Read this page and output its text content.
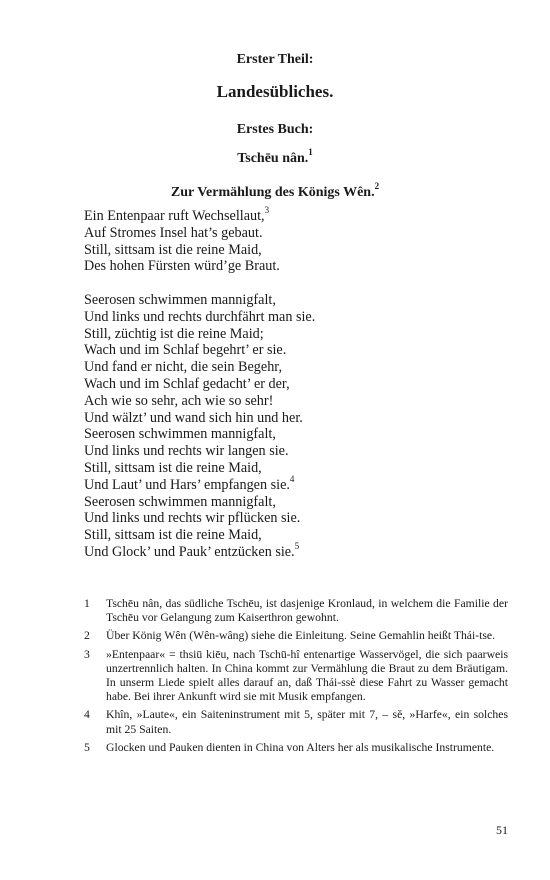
Erster Theil:
Landesübliches.
Erstes Buch:
Tschēu nân.$^1$
Zur Vermählung des Königs Wên.$^2$
Ein Entenpaar ruft Wechsellaut,$^3$
Auf Stromes Insel hat’s gebaut.
Still, sittsam ist die reine Maid,
Des hohen Fürsten würd’ge Braut.
Seerosen schwimmen mannigfalt,
Und links und rechts durchfährt man sie.
Still, züchtig ist die reine Maid;
Wach und im Schlaf begehrt’ er sie.
Und fand er nicht, die sein Begehr,
Wach und im Schlaf gedacht’ er der,
Ach wie so sehr, ach wie so sehr!
Und wälzt’ und wand sich hin und her.
Seerosen schwimmen mannigfalt,
Und links und rechts wir langen sie.
Still, sittsam ist die reine Maid,
Und Laut’ und Hars’ empfangen sie.$^4$
Seerosen schwimmen mannigfalt,
Und links und rechts wir pflücken sie.
Still, sittsam ist die reine Maid,
Und Glock’ und Pauk’ entzücken sie.$^5$
1	Tschēu nân, das südliche Tschēu, ist dasjenige Kronlaud, in welchem die Familie der Tschēu vor Gelangung zum Kaiserthron gewohnt.
2	Über König Wên (Wên-wâng) siehe die Einleitung. Seine Gemahlin heißt Thái-tse.
3	»Entenpaar« = thsiū kiēu, nach Tschū-hî entenartige Wasservögel, die sich paarweis unzertrennlich halten. In China kommt zur Vermählung die Braut zu dem Bräutigam. In unserm Liede spielt alles darauf an, daß Thái-ssè diese Fahrt zu Wasser gemacht habe. Bei ihrer Ankunft wird sie mit Musik empfangen.
4	Khîn, »Laute«, ein Saiteninstrument mit 5, später mit 7, – sĕ, »Harfe«, ein solches mit 25 Saiten.
5	Glocken und Pauken dienten in China von Alters her als musikalische Instrumente.
51
